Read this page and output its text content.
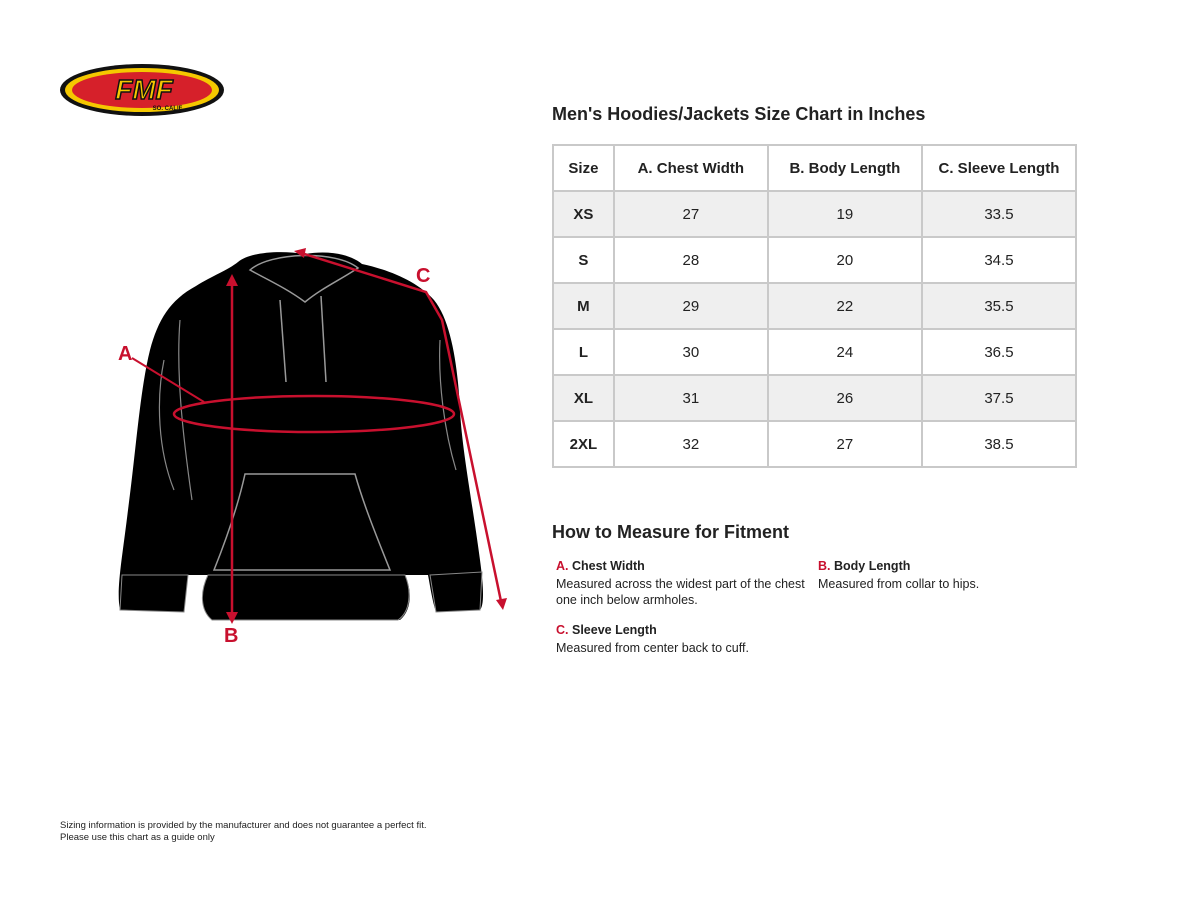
FMF
SO. CALIF.
A
B
C
Men's Hoodies/Jackets Size Chart in Inches
Size	A. Chest Width	B. Body Length	C. Sleeve Length
XS	27	19	33.5
S	28	20	34.5
M	29	22	35.5
L	30	24	36.5
XL	31	26	37.5
2XL	32	27	38.5
How to Measure for Fitment
A. Chest Width

Measured across the widest part of the chest

one inch below armholes.
B. Body Length

Measured from collar to hips.

C. Sleeve Length

Measured from center back to cuff.

Sizing information is provided by the manufacturer and does not guarantee a perfect fit.
Please use this chart as a guide only
